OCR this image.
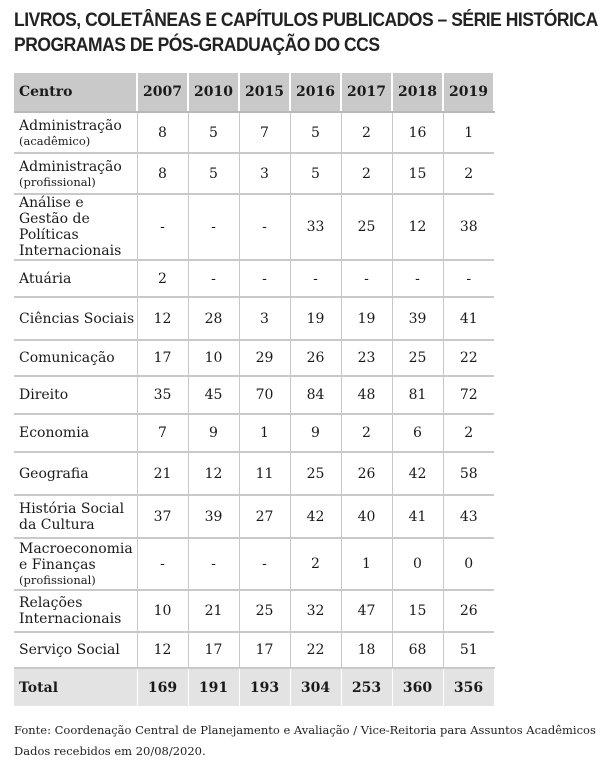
LIVROS, COLETÂNEAS E CAPÍTULOS PUBLICADOS – SÉRIE HISTÓRICA
PROGRAMAS DE PÓS-GRADUAÇÃO DO CCS
Centro	2007	2010	2015	2016	2017	2018	2019

Administração
(acadêmico)	8	5	7	5	2	16	1

Administração
(profissional)	8	5	3	5	2	15	2

Análise e Gestão de Políticas Internacionais	-	-	-	33	25	12	38

Atuária	2	-	-	-	-	-	-

Ciências Sociais	12	28	3	19	19	39	41

Comunicação	17	10	29	26	23	25	22

Direito	35	45	70	84	48	81	72

Economia	7	9	1	9	2	6	2

Geografia	21	12	11	25	26	42	58

História Social da Cultura	37	39	27	42	40	41	43

Macroeconomia e Finanças
(profissional)	-	-	-	2	1	0	0

Relações Internacionais	10	21	25	32	47	15	26

Serviço Social	12	17	17	22	18	68	51
Total	169	191	193	304	253	360	356
Fonte: Coordenação Central de Planejamento e Avaliação / Vice-Reitoria para Assuntos Acadêmicos
Dados recebidos em 20/08/2020.
